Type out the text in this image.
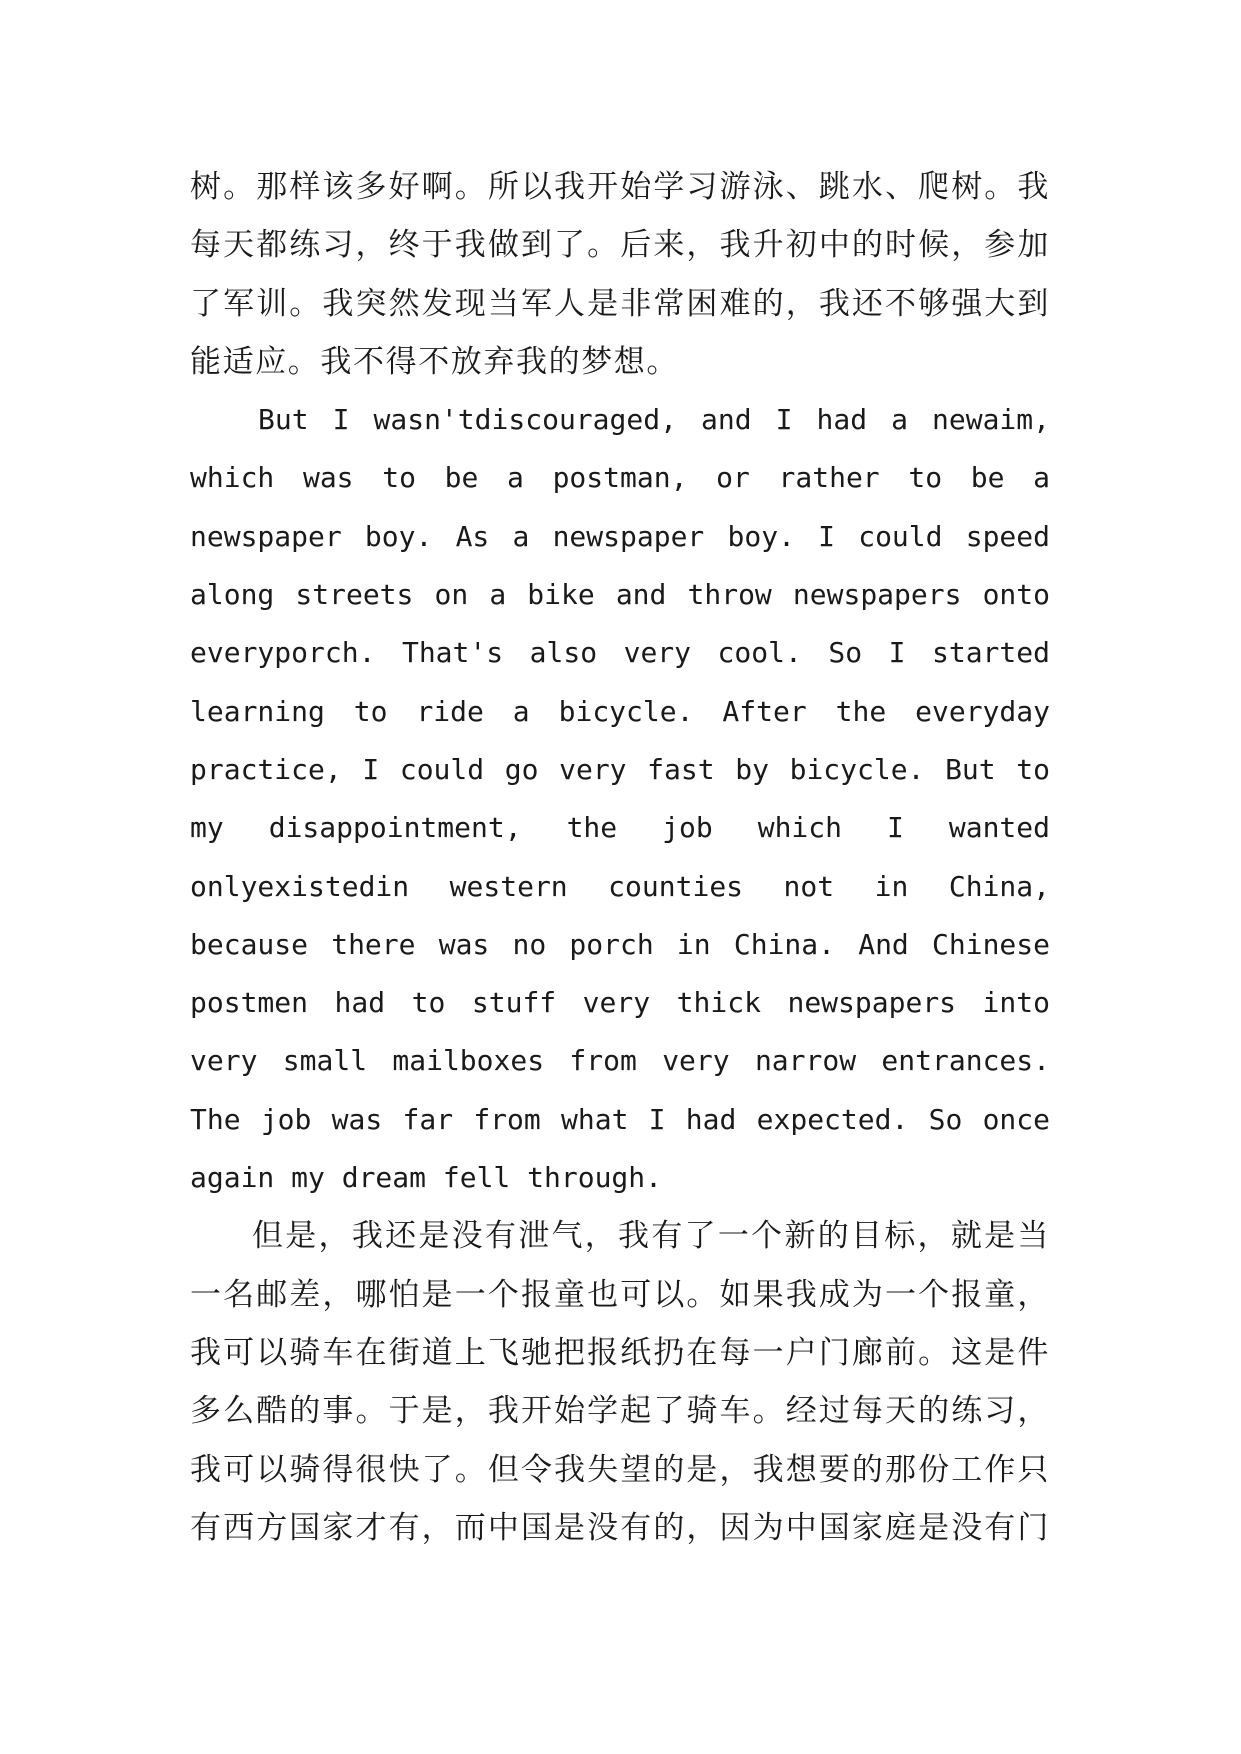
树。那样该多好啊。所以我开始学习游泳、跳水、爬树。我
每天都练习，终于我做到了。后来，我升初中的时候，参加
了军训。我突然发现当军人是非常困难的，我还不够强大到
能适应。我不得不放弃我的梦想。
But I wasn'tdiscouraged, and I had a newaim,
which was to be a postman, or rather to be a
newspaper boy. As a newspaper boy. I could speed
along streets on a bike and throw newspapers onto
everyporch. That's also very cool. So I started
learning to ride a bicycle. After the everyday
practice, I could go very fast by bicycle. But to
my disappointment, the job which I wanted
onlyexistedin western counties not in China,
because there was no porch in China. And Chinese
postmen had to stuff very thick newspapers into
very small mailboxes from very narrow entrances.
The job was far from what I had expected. So once
again my dream fell through.
但是，我还是没有泄气，我有了一个新的目标，就是当
一名邮差，哪怕是一个报童也可以。如果我成为一个报童，
我可以骑车在街道上飞驰把报纸扔在每一户门廊前。这是件
多么酷的事。于是，我开始学起了骑车。经过每天的练习，
我可以骑得很快了。但令我失望的是，我想要的那份工作只
有西方国家才有，而中国是没有的，因为中国家庭是没有门
